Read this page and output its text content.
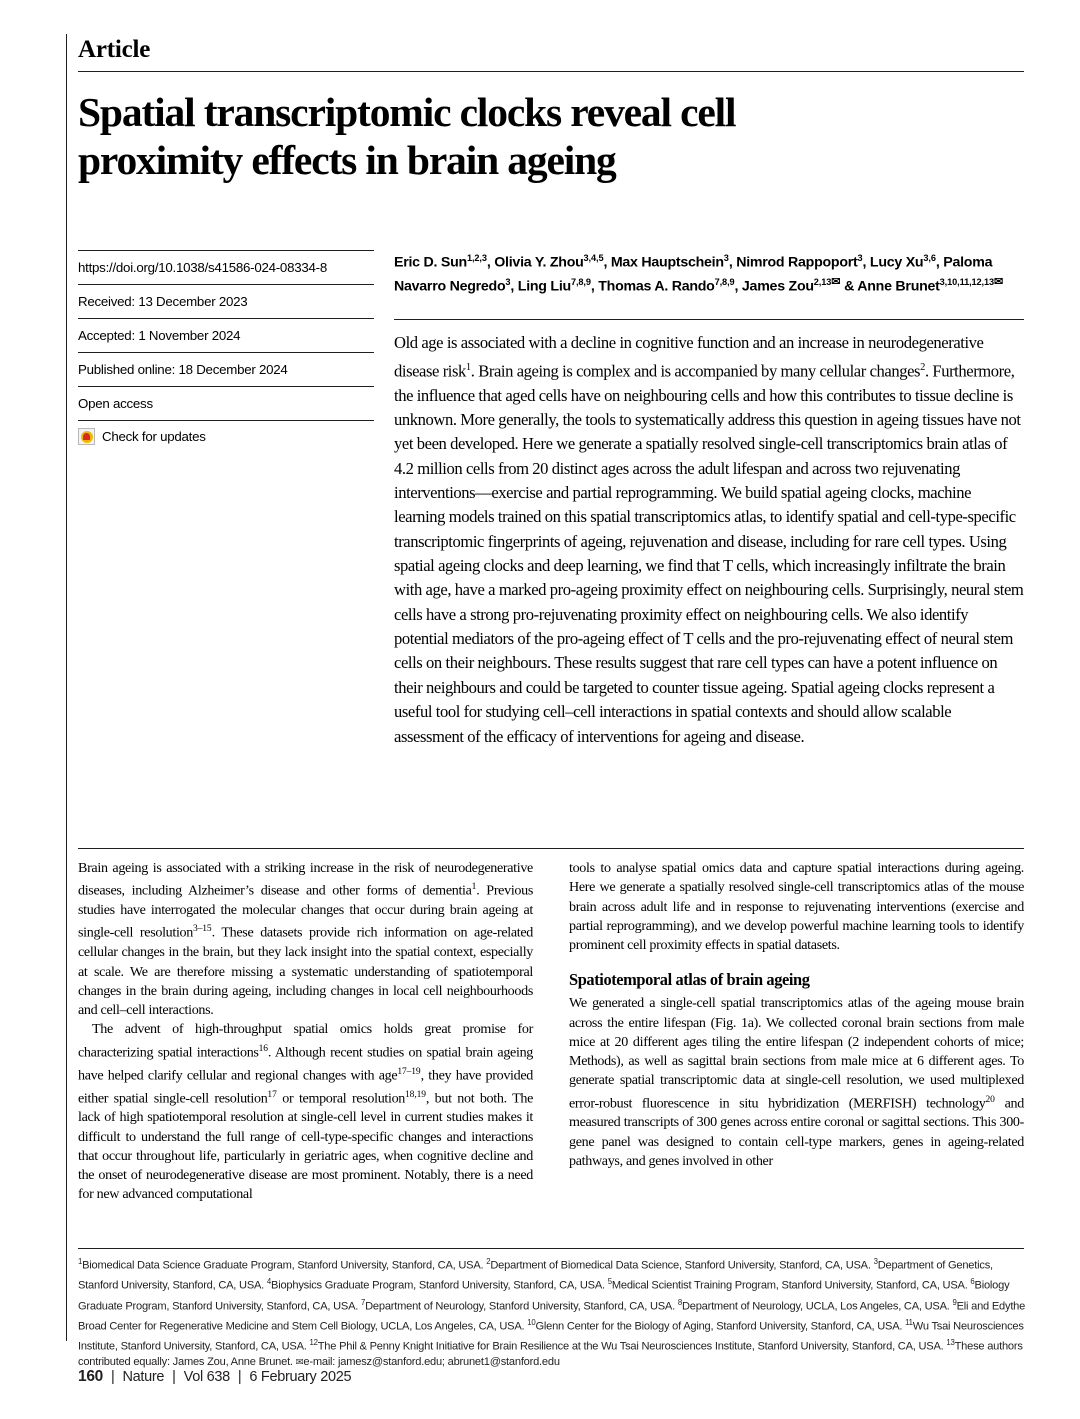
Article
Spatial transcriptomic clocks reveal cell
proximity effects in brain ageing
https://doi.org/10.1038/s41586-024-08334-8
Received: 13 December 2023
Accepted: 1 November 2024
Published online: 18 December 2024
Open access
Check for updates
Eric D. Sun$^{1,2,3}$, Olivia Y. Zhou$^{3,4,5}$, Max Hauptschein$^3$, Nimrod Rappoport$^3$, Lucy Xu$^{3,6}$, Paloma Navarro Negredo$^3$, Ling Liu$^{7,8,9}$, Thomas A. Rando$^{7,8,9}$, James Zou$^{2,13✉}$ & Anne Brunet$^{3,10,11,12,13✉}$
Old age is associated with a decline in cognitive function and an increase in neurodegenerative disease risk$^1$. Brain ageing is complex and is accompanied by many cellular changes$^2$. Furthermore, the influence that aged cells have on neighbouring cells and how this contributes to tissue decline is unknown. More generally, the tools to systematically address this question in ageing tissues have not yet been developed. Here we generate a spatially resolved single-cell transcriptomics brain atlas of 4.2 million cells from 20 distinct ages across the adult lifespan and across two rejuvenating interventions—exercise and partial reprogramming. We build spatial ageing clocks, machine learning models trained on this spatial transcriptomics atlas, to identify spatial and cell-type-specific transcriptomic fingerprints of ageing, rejuvenation and disease, including for rare cell types. Using spatial ageing clocks and deep learning, we find that T cells, which increasingly infiltrate the brain with age, have a marked pro-ageing proximity effect on neighbouring cells. Surprisingly, neural stem cells have a strong pro-rejuvenating proximity effect on neighbouring cells. We also identify potential mediators of the pro-ageing effect of T cells and the pro-rejuvenating effect of neural stem cells on their neighbours. These results suggest that rare cell types can have a potent influence on their neighbours and could be targeted to counter tissue ageing. Spatial ageing clocks represent a useful tool for studying cell–cell interactions in spatial contexts and should allow scalable assessment of the efficacy of interventions for ageing and disease.

Brain ageing is associated with a striking increase in the risk of neurodegenerative diseases, including Alzheimer’s disease and other forms of dementia$^1$. Previous studies have interrogated the molecular changes that occur during brain ageing at single-cell resolution$^{3-15}$. These datasets provide rich information on age-related cellular changes in the brain, but they lack insight into the spatial context, especially at scale. We are therefore missing a systematic understanding of spatiotemporal changes in the brain during ageing, including changes in local cell neighbourhoods and cell–cell interactions.

The advent of high-throughput spatial omics holds great promise for characterizing spatial interactions$^{16}$. Although recent studies on spatial brain ageing have helped clarify cellular and regional changes with age$^{17-19}$, they have provided either spatial single-cell resolution$^{17}$ or temporal resolution$^{18,19}$, but not both. The lack of high spatiotemporal resolution at single-cell level in current studies makes it difficult to understand the full range of cell-type-specific changes and interactions that occur throughout life, particularly in geriatric ages, when cognitive decline and the onset of neurodegenerative disease are most prominent. Notably, there is a need for new advanced computational

tools to analyse spatial omics data and capture spatial interactions during ageing. Here we generate a spatially resolved single-cell transcriptomics atlas of the mouse brain across adult life and in response to rejuvenating interventions (exercise and partial reprogramming), and we develop powerful machine learning tools to identify prominent cell proximity effects in spatial datasets.

Spatiotemporal atlas of brain ageing

We generated a single-cell spatial transcriptomics atlas of the ageing mouse brain across the entire lifespan (Fig. 1a). We collected coronal brain sections from male mice at 20 different ages tiling the entire lifespan (2 independent cohorts of mice; Methods), as well as sagittal brain sections from male mice at 6 different ages. To generate spatial transcriptomic data at single-cell resolution, we used multiplexed error-robust fluorescence in situ hybridization (MERFISH) technology$^{20}$ and measured transcripts of 300 genes across entire coronal or sagittal sections. This 300-gene panel was designed to contain cell-type markers, genes in ageing-related pathways, and genes involved in other

$^1$Biomedical Data Science Graduate Program, Stanford University, Stanford, CA, USA. $^2$Department of Biomedical Data Science, Stanford University, Stanford, CA, USA. $^3$Department of Genetics, Stanford University, Stanford, CA, USA. $^4$Biophysics Graduate Program, Stanford University, Stanford, CA, USA. $^5$Medical Scientist Training Program, Stanford University, Stanford, CA, USA. $^6$Biology Graduate Program, Stanford University, Stanford, CA, USA. $^7$Department of Neurology, Stanford University, Stanford, CA, USA. $^8$Department of Neurology, UCLA, Los Angeles, CA, USA. $^9$Eli and Edythe Broad Center for Regenerative Medicine and Stem Cell Biology, UCLA, Los Angeles, CA, USA. $^{10}$Glenn Center for the Biology of Aging, Stanford University, Stanford, CA, USA. $^{11}$Wu Tsai Neurosciences Institute, Stanford University, Stanford, CA, USA. $^{12}$The Phil & Penny Knight Initiative for Brain Resilience at the Wu Tsai Neurosciences Institute, Stanford University, Stanford, CA, USA. $^{13}$These authors contributed equally: James Zou, Anne Brunet. ✉e-mail: jamesz@stanford.edu; abrunet1@stanford.edu
160 | Nature | Vol 638 | 6 February 2025
